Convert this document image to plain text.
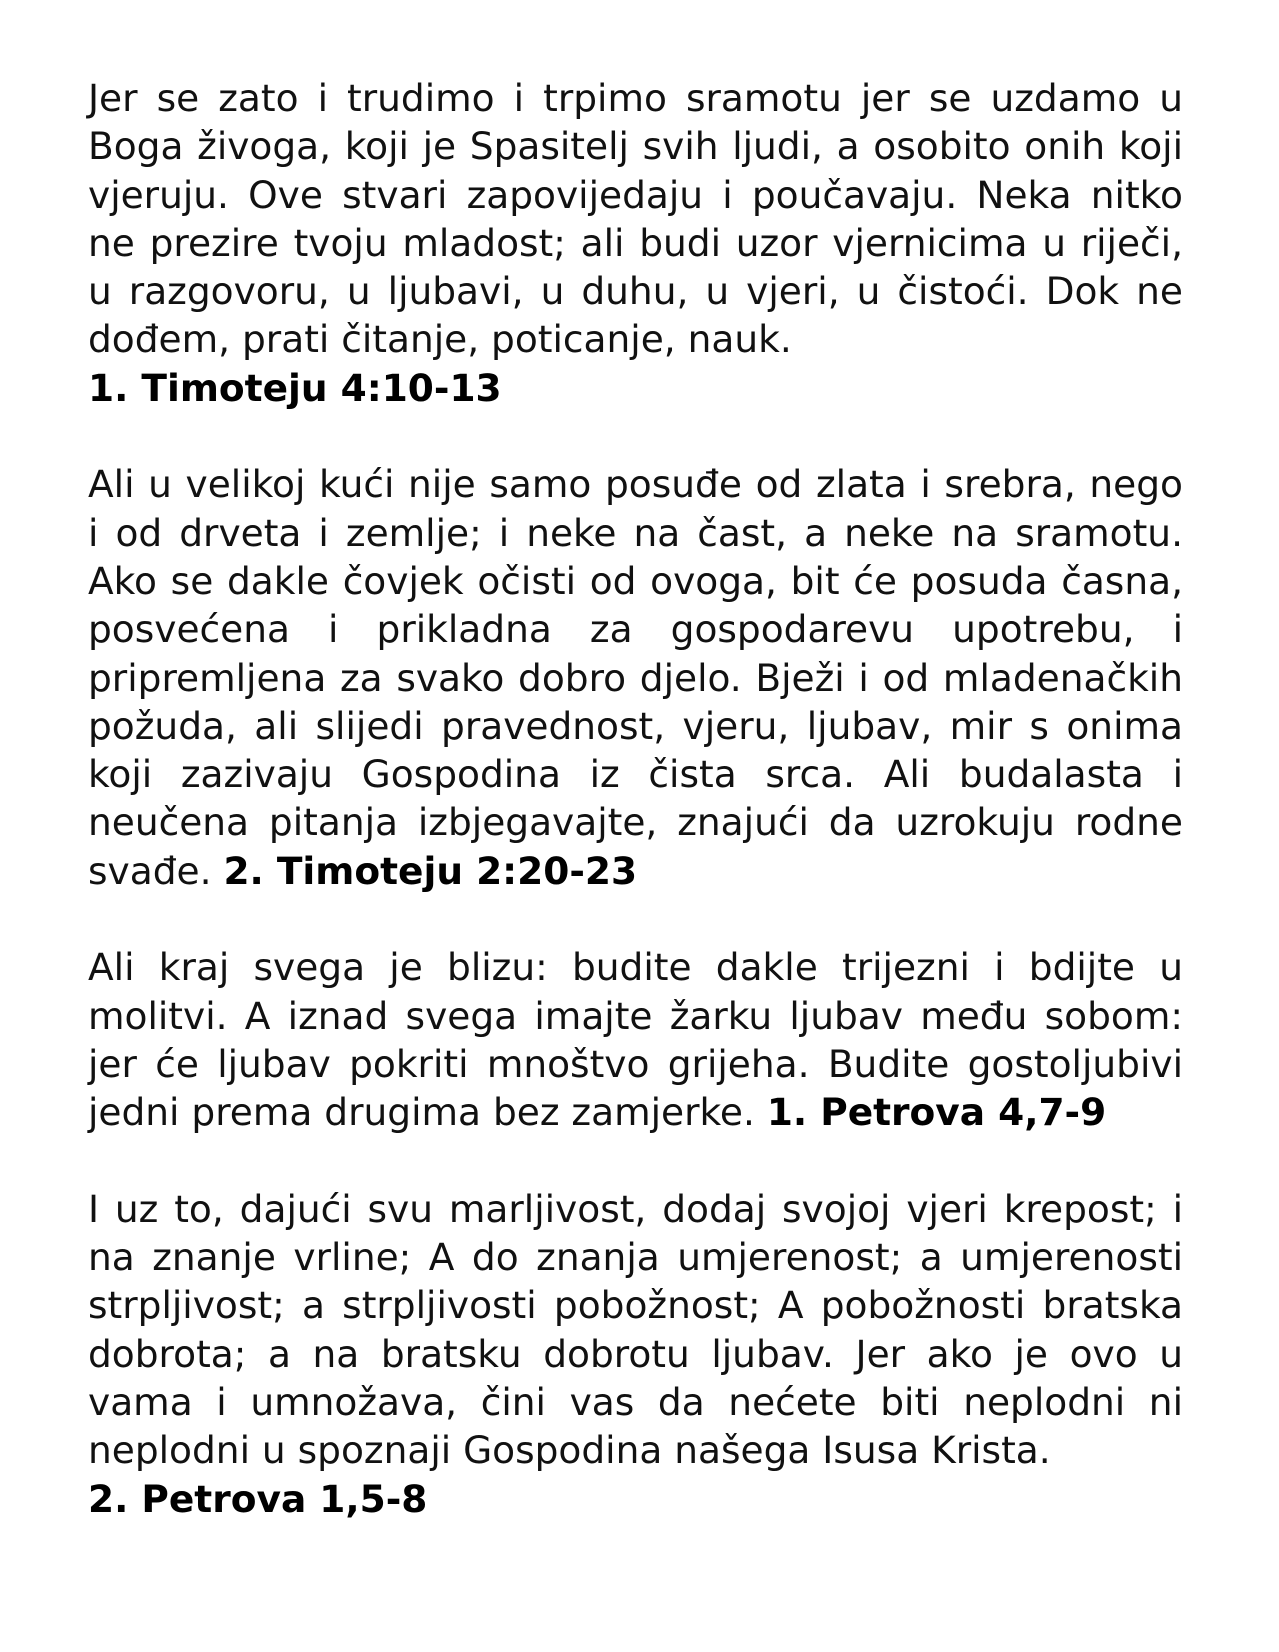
Jer se zato i trudimo i trpimo sramotu jer se uzdamo u Boga živoga, koji je Spasitelj svih ljudi, a osobito onih koji vjeruju. Ove stvari zapovijedaju i poučavaju. Neka nitko ne prezire tvoju mladost; ali budi uzor vjernicima u riječi, u razgovoru, u ljubavi, u duhu, u vjeri, u čistoći. Dok ne dođem, prati čitanje, poticanje, nauk.
1. Timoteju 4:10-13

Ali u velikoj kući nije samo posuđe od zlata i srebra, nego i od drveta i zemlje; i neke na čast, a neke na sramotu. Ako se dakle čovjek očisti od ovoga, bit će posuda časna, posvećena i prikladna za gospodarevu upotrebu, i pripremljena za svako dobro djelo. Bježi i od mladenačkih požuda, ali slijedi pravednost, vjeru, ljubav, mir s onima koji zazivaju Gospodina iz čista srca. Ali budalasta i neučena pitanja izbjegavajte, znajući da uzrokuju rodne svađe. 2. Timoteju 2:20-23

Ali kraj svega je blizu: budite dakle trijezni i bdijte u molitvi. A iznad svega imajte žarku ljubav među sobom: jer će ljubav pokriti mnoštvo grijeha. Budite gostoljubivi jedni prema drugima bez zamjerke. 1. Petrova 4,7-9

I uz to, dajući svu marljivost, dodaj svojoj vjeri krepost; i na znanje vrline; A do znanja umjerenost; a umjerenosti strpljivost; a strpljivosti pobožnost; A pobožnosti bratska dobrota; a na bratsku dobrotu ljubav. Jer ako je ovo u vama i umnožava, čini vas da nećete biti neplodni ni neplodni u spoznaji Gospodina našega Isusa Krista.
2. Petrova 1,5-8
